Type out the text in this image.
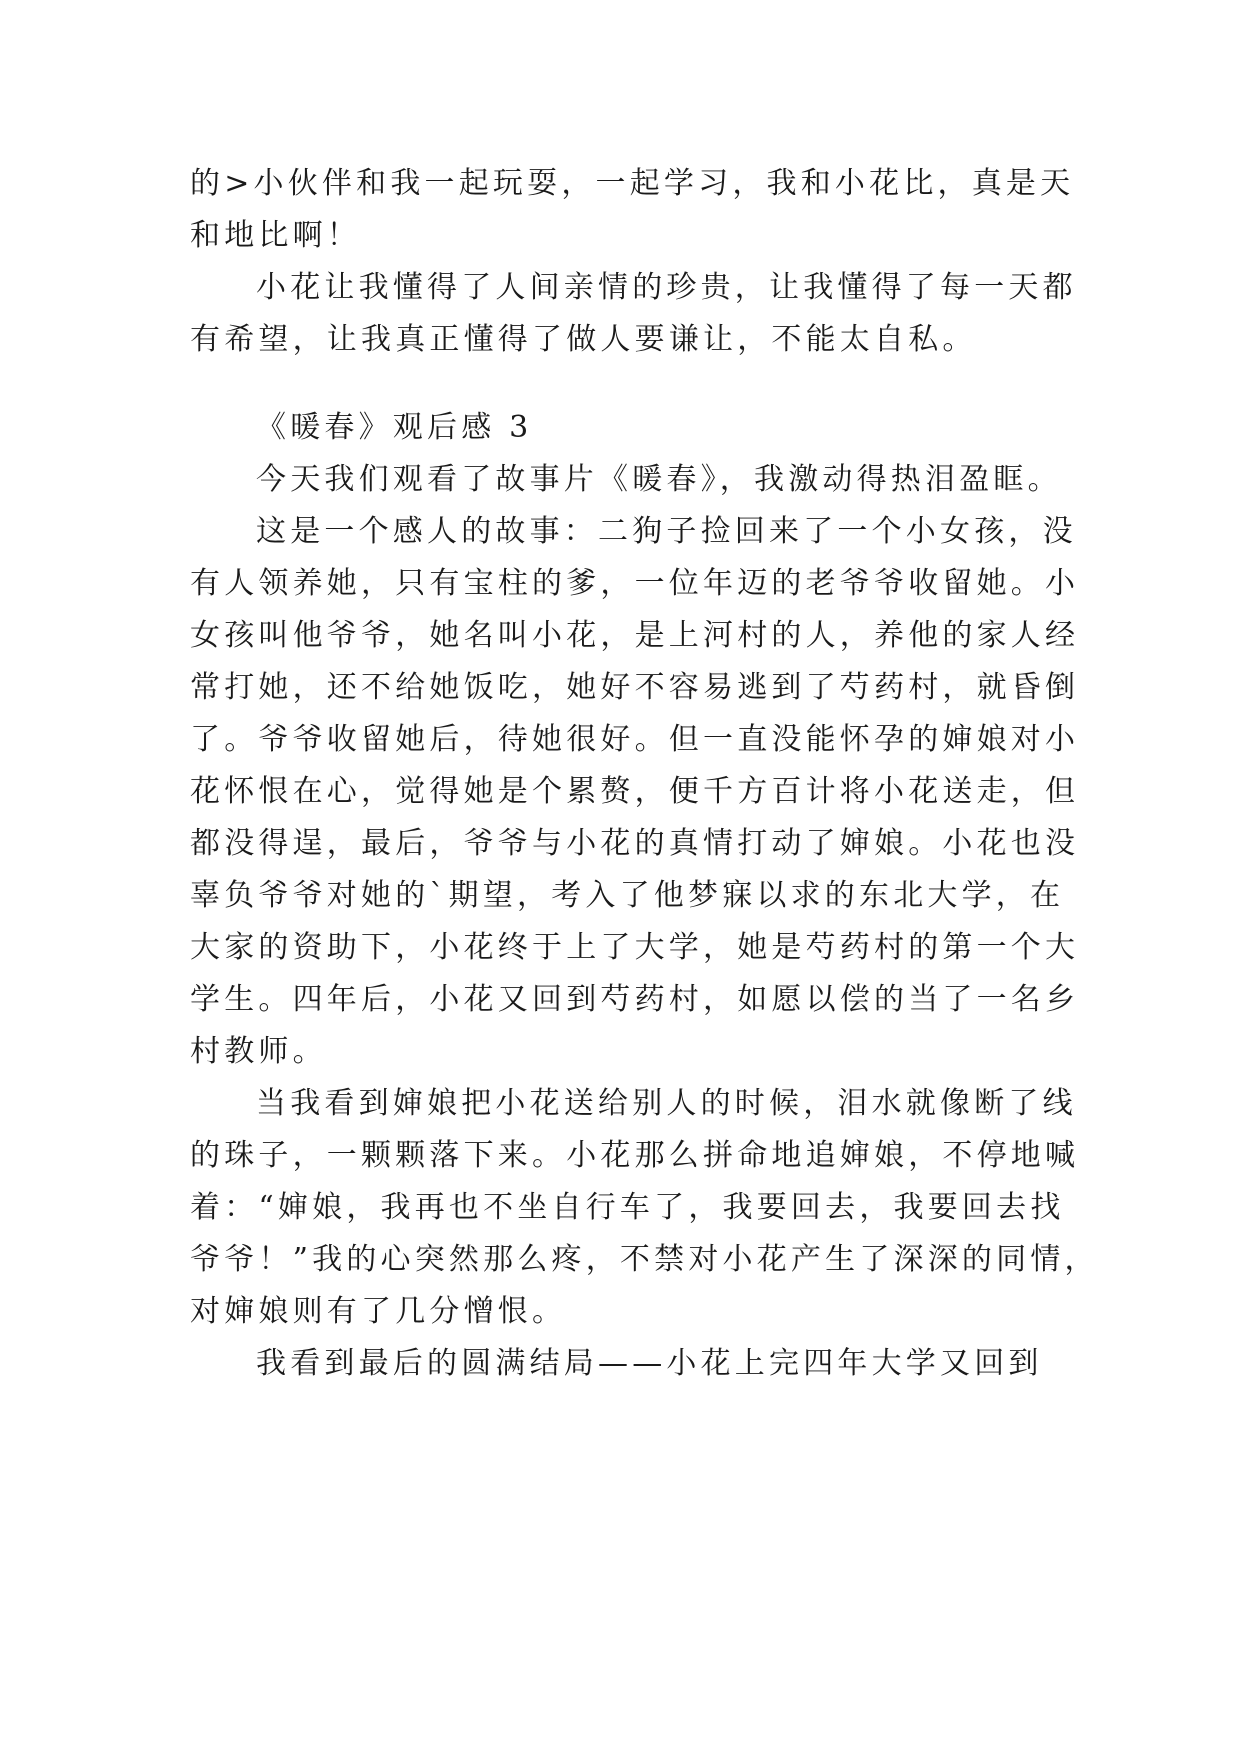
的>小伙伴和我一起玩耍，一起学习，我和小花比，真是天
和地比啊！
小花让我懂得了人间亲情的珍贵，让我懂得了每一天都
有希望，让我真正懂得了做人要谦让，不能太自私。
《暖春》观后感 3
今天我们观看了故事片《暖春》，我激动得热泪盈眶。
这是一个感人的故事：二狗子捡回来了一个小女孩，没
有人领养她，只有宝柱的爹，一位年迈的老爷爷收留她。小
女孩叫他爷爷，她名叫小花，是上河村的人，养他的家人经
常打她，还不给她饭吃，她好不容易逃到了芍药村，就昏倒
了。爷爷收留她后，待她很好。但一直没能怀孕的婶娘对小
花怀恨在心，觉得她是个累赘，便千方百计将小花送走，但
都没得逞，最后，爷爷与小花的真情打动了婶娘。小花也没
辜负爷爷对她的`期望，考入了他梦寐以求的东北大学，在
大家的资助下，小花终于上了大学，她是芍药村的第一个大
学生。四年后，小花又回到芍药村，如愿以偿的当了一名乡
村教师。
当我看到婶娘把小花送给别人的时候，泪水就像断了线
的珠子，一颗颗落下来。小花那么拼命地追婶娘，不停地喊
着：“婶娘，我再也不坐自行车了，我要回去，我要回去找
爷爷！”我的心突然那么疼，不禁对小花产生了深深的同情，
对婶娘则有了几分憎恨。
我看到最后的圆满结局——小花上完四年大学又回到
